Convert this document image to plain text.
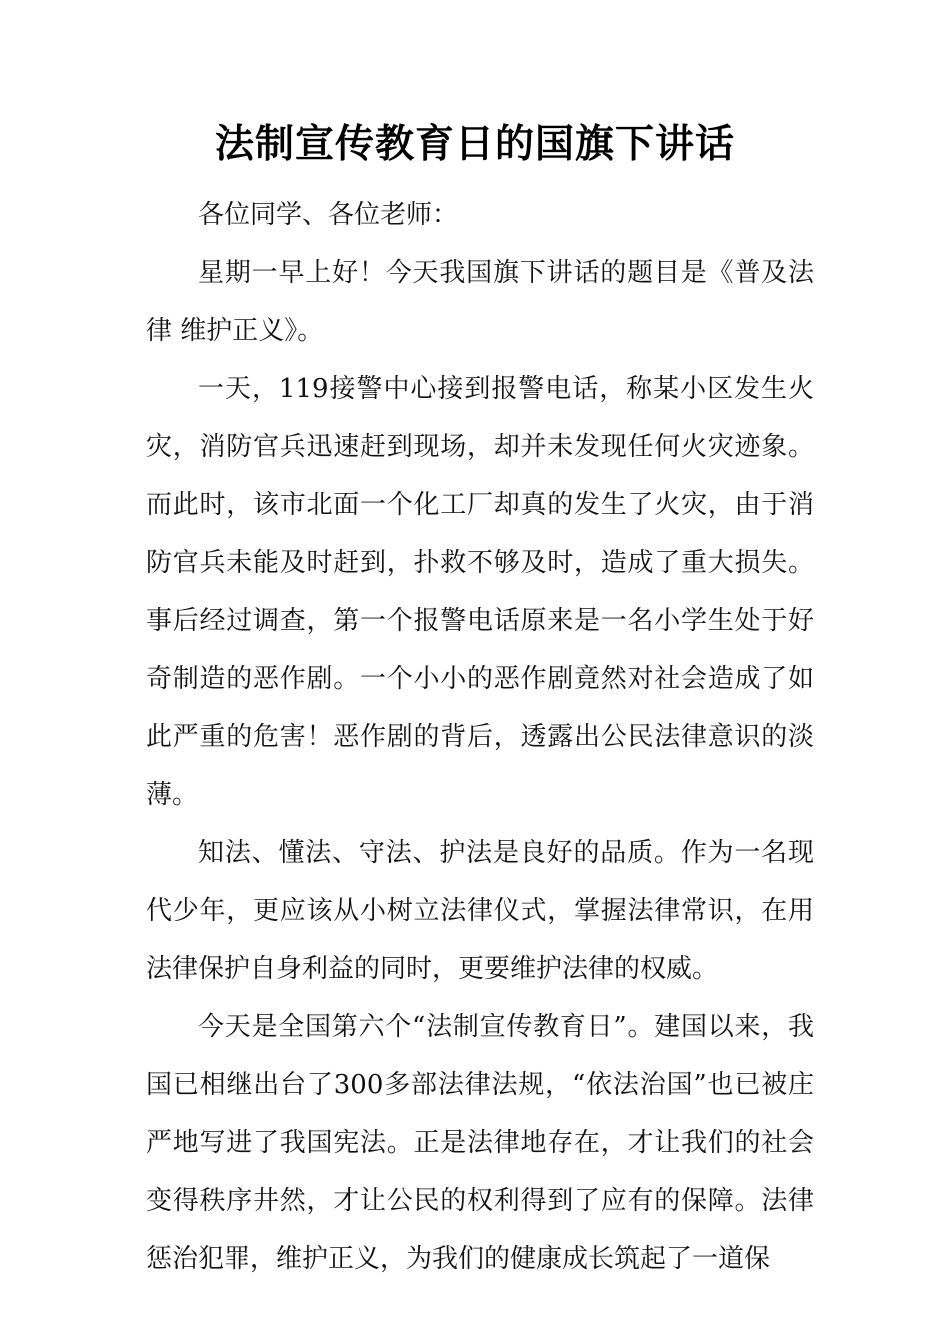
法制宣传教育日的国旗下讲话

各位同学、各位老师：

星期一早上好！今天我国旗下讲话的题目是《普及法律 维护正义》。

一天，119接警中心接到报警电话，称某小区发生火灾，消防官兵迅速赶到现场，却并未发现任何火灾迹象。而此时，该市北面一个化工厂却真的发生了火灾，由于消防官兵未能及时赶到，扑救不够及时，造成了重大损失。事后经过调查，第一个报警电话原来是一名小学生处于好奇制造的恶作剧。一个小小的恶作剧竟然对社会造成了如此严重的危害！恶作剧的背后，透露出公民法律意识的淡薄。

知法、懂法、守法、护法是良好的品质。作为一名现代少年，更应该从小树立法律仪式，掌握法律常识，在用法律保护自身利益的同时，更要维护法律的权威。

今天是全国第六个“法制宣传教育日”。建国以来，我国已相继出台了300多部法律法规，“依法治国”也已被庄严地写进了我国宪法。正是法律地存在，才让我们的社会变得秩序井然，才让公民的权利得到了应有的保障。法律惩治犯罪，维护正义，为我们的健康成长筑起了一道保
